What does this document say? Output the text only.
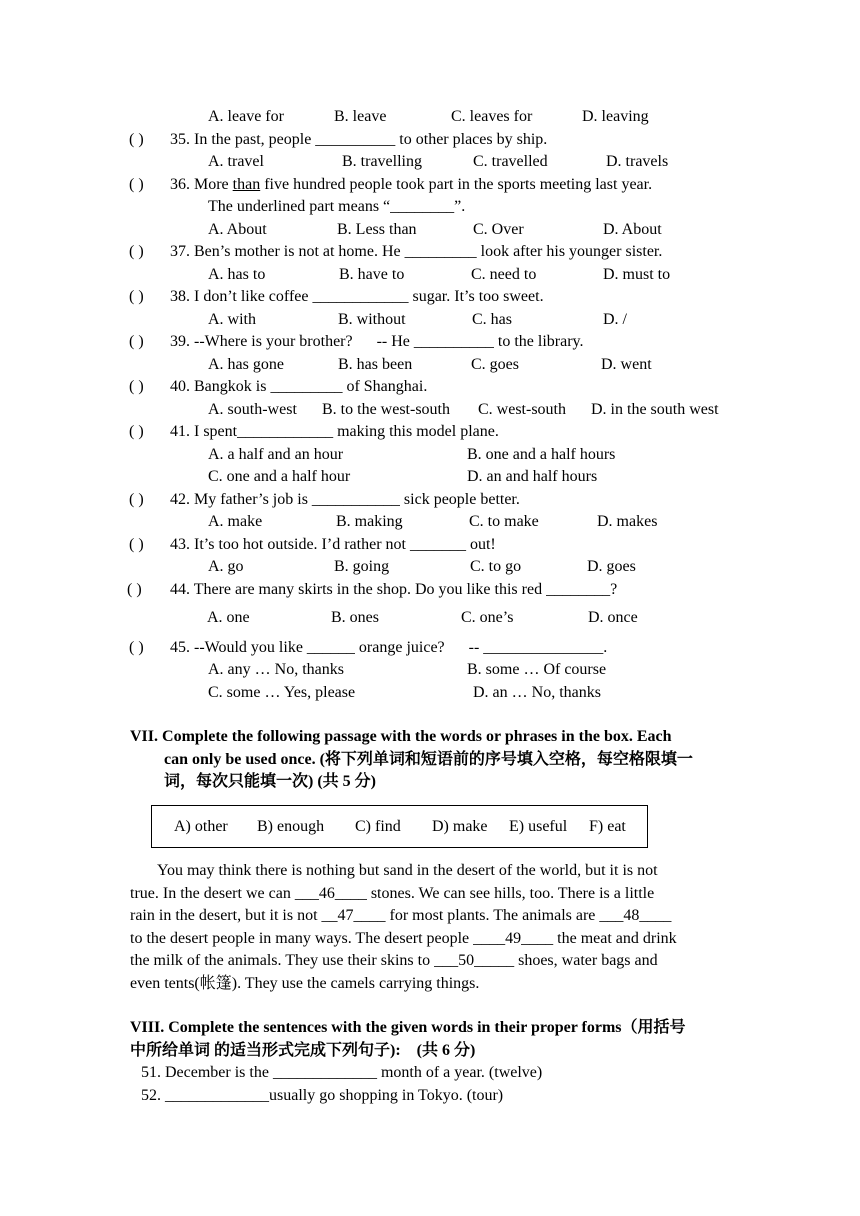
A. leave for	B. leave	C. leaves for	D. leaving
( ) 35. In the past, people __________ to other places by ship.
A. travel	B. travelling	C. travelled	D. travels
( ) 36. More than five hundred people took part in the sports meeting last year.
The underlined part means “________”.
A. About	B. Less than	C. Over	D. About
( ) 37. Ben’s mother is not at home. He _________ look after his younger sister.
A. has to	B. have to	C. need to	D. must to
( ) 38. I don’t like coffee ____________ sugar. It’s too sweet.
A. with	B. without	C. has	D. /
( ) 39. --Where is your brother?      -- He __________ to the library.
A. has gone	B. has been	C. goes	D. went
( ) 40. Bangkok is _________ of Shanghai.
A. south-west B. to the west-south C. west-south D. in the south west
( ) 41. I spent____________ making this model plane.
A. a half and an hour	B. one and a half hours
C. one and a half hour	D. an and half hours
( ) 42. My father’s job is ___________ sick people better.
A. make	B. making	C. to make	D. makes
( ) 43. It’s too hot outside. I’d rather not _______ out!
A. go	B. going	C. to go	D. goes
( ) 44. There are many skirts in the shop. Do you like this red ________?
A. one	B. ones	C. one’s	D. once
( ) 45. --Would you like ______ orange juice?      -- _______________.
A. any … No, thanks	B. some … Of course
C. some … Yes, please	D. an … No, thanks
VII. Complete the following passage with the words or phrases in the box. Each
can only be used once. (将下列单词和短语前的序号填入空格，每空格限填一
词，每次只能填一次) (共 5 分)
A) other B) enough C) find D) make E) useful F) eat
You may think there is nothing but sand in the desert of the world, but it is not
true. In the desert we can ___46____ stones. We can see hills, too. There is a little
rain in the desert, but it is not __47____ for most plants. The animals are ___48____
to the desert people in many ways. The desert people ____49____ the meat and drink
the milk of the animals. They use their skins to ___50_____ shoes, water bags and
even tents(帐篷). They use the camels carrying things.
VIII. Complete the sentences with the given words in their proper forms（用括号
中所给单词 的适当形式完成下列句子):    (共 6 分)
51. December is the _____________ month of a year. (twelve)
52. _____________usually go shopping in Tokyo. (tour)
